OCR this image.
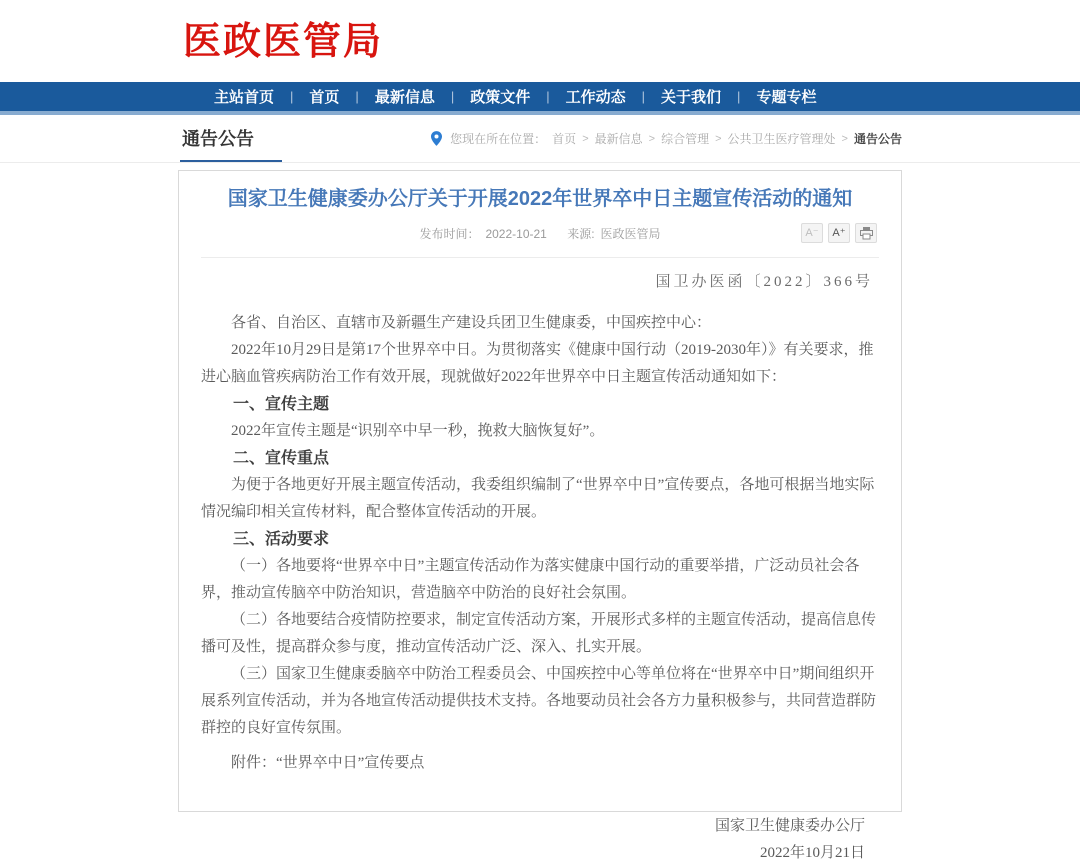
医政医管局
主站首页	|	首页	|	最新信息	|	政策文件	|	工作动态	|	关于我们	|	专题专栏
通告公告	您现在所在位置： 首页 > 最新信息 > 综合管理 > 公共卫生医疗管理处 > 通告公告
国家卫生健康委办公厅关于开展2022年世界卒中日主题宣传活动的通知
发布时间： 2022-10-21 来源: 医政医管局	A⁻	A⁺
国卫办医函〔2022〕366号

各省、自治区、直辖市及新疆生产建设兵团卫生健康委，中国疾控中心：

2022年10月29日是第17个世界卒中日。为贯彻落实《健康中国行动（2019-2030年）》有关要求，推进心脑血管疾病防治工作有效开展，现就做好2022年世界卒中日主题宣传活动通知如下：

一、宣传主题

2022年宣传主题是“识别卒中早一秒，挽救大脑恢复好”。

二、宣传重点

为便于各地更好开展主题宣传活动，我委组织编制了“世界卒中日”宣传要点，各地可根据当地实际情况编印相关宣传材料，配合整体宣传活动的开展。

三、活动要求

（一）各地要将“世界卒中日”主题宣传活动作为落实健康中国行动的重要举措，广泛动员社会各界，推动宣传脑卒中防治知识，营造脑卒中防治的良好社会氛围。

（二）各地要结合疫情防控要求，制定宣传活动方案，开展形式多样的主题宣传活动，提高信息传播可及性，提高群众参与度，推动宣传活动广泛、深入、扎实开展。

（三）国家卫生健康委脑卒中防治工程委员会、中国疾控中心等单位将在“世界卒中日”期间组织开展系列宣传活动，并为各地宣传活动提供技术支持。各地要动员社会各方力量积极参与，共同营造群防群控的良好宣传氛围。

附件：“世界卒中日”宣传要点

国家卫生健康委办公厅
2022年10月21日
